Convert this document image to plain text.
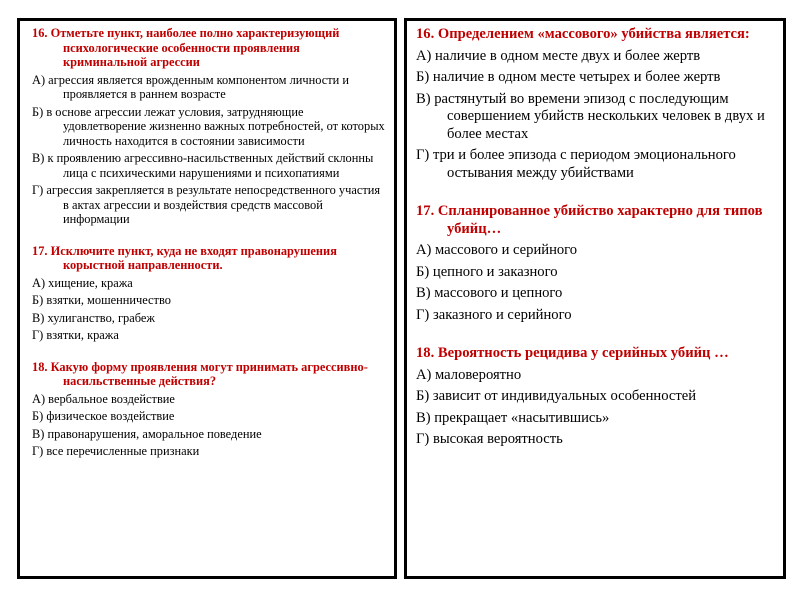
16. Отметьте пункт, наиболее полно характеризующий психологические особенности проявления криминальной агрессии

А) агрессия является врожденным компонентом личности и проявляется в раннем возрасте

Б) в основе агрессии лежат условия, затрудняющие удовлетворение жизненно важных потребностей, от которых личность находится в состоянии зависимости

В) к проявлению агрессивно-насильственных действий склонны лица с психическими нарушениями и психопатиями

Г) агрессия закрепляется в результате непосредственного участия в актах агрессии и воздействия средств массовой информации

17. Исключите пункт, куда не входят правонарушения корыстной направленности.

А) хищение, кража

Б) взятки, мошенничество

В) хулиганство, грабеж

Г) взятки, кража

18. Какую форму проявления могут принимать агрессивно-насильственные действия?

А) вербальное воздействие

Б) физическое воздействие

В) правонарушения, аморальное поведение

Г) все перечисленные признаки

16. Определением «массового» убийства является:

А) наличие в одном месте двух и более жертв

Б) наличие в одном месте четырех и более жертв

В) растянутый во времени эпизод с последующим совершением убийств нескольких человек в двух и более местах

Г) три и более эпизода с периодом эмоционального остывания между убийствами

17. Спланированное убийство характерно для типов убийц…

А) массового и серийного

Б) цепного и заказного

В) массового и цепного

Г) заказного и серийного

18. Вероятность рецидива у серийных убийц …

А) маловероятно

Б) зависит от индивидуальных особенностей

В) прекращает «насытившись»

Г) высокая вероятность
